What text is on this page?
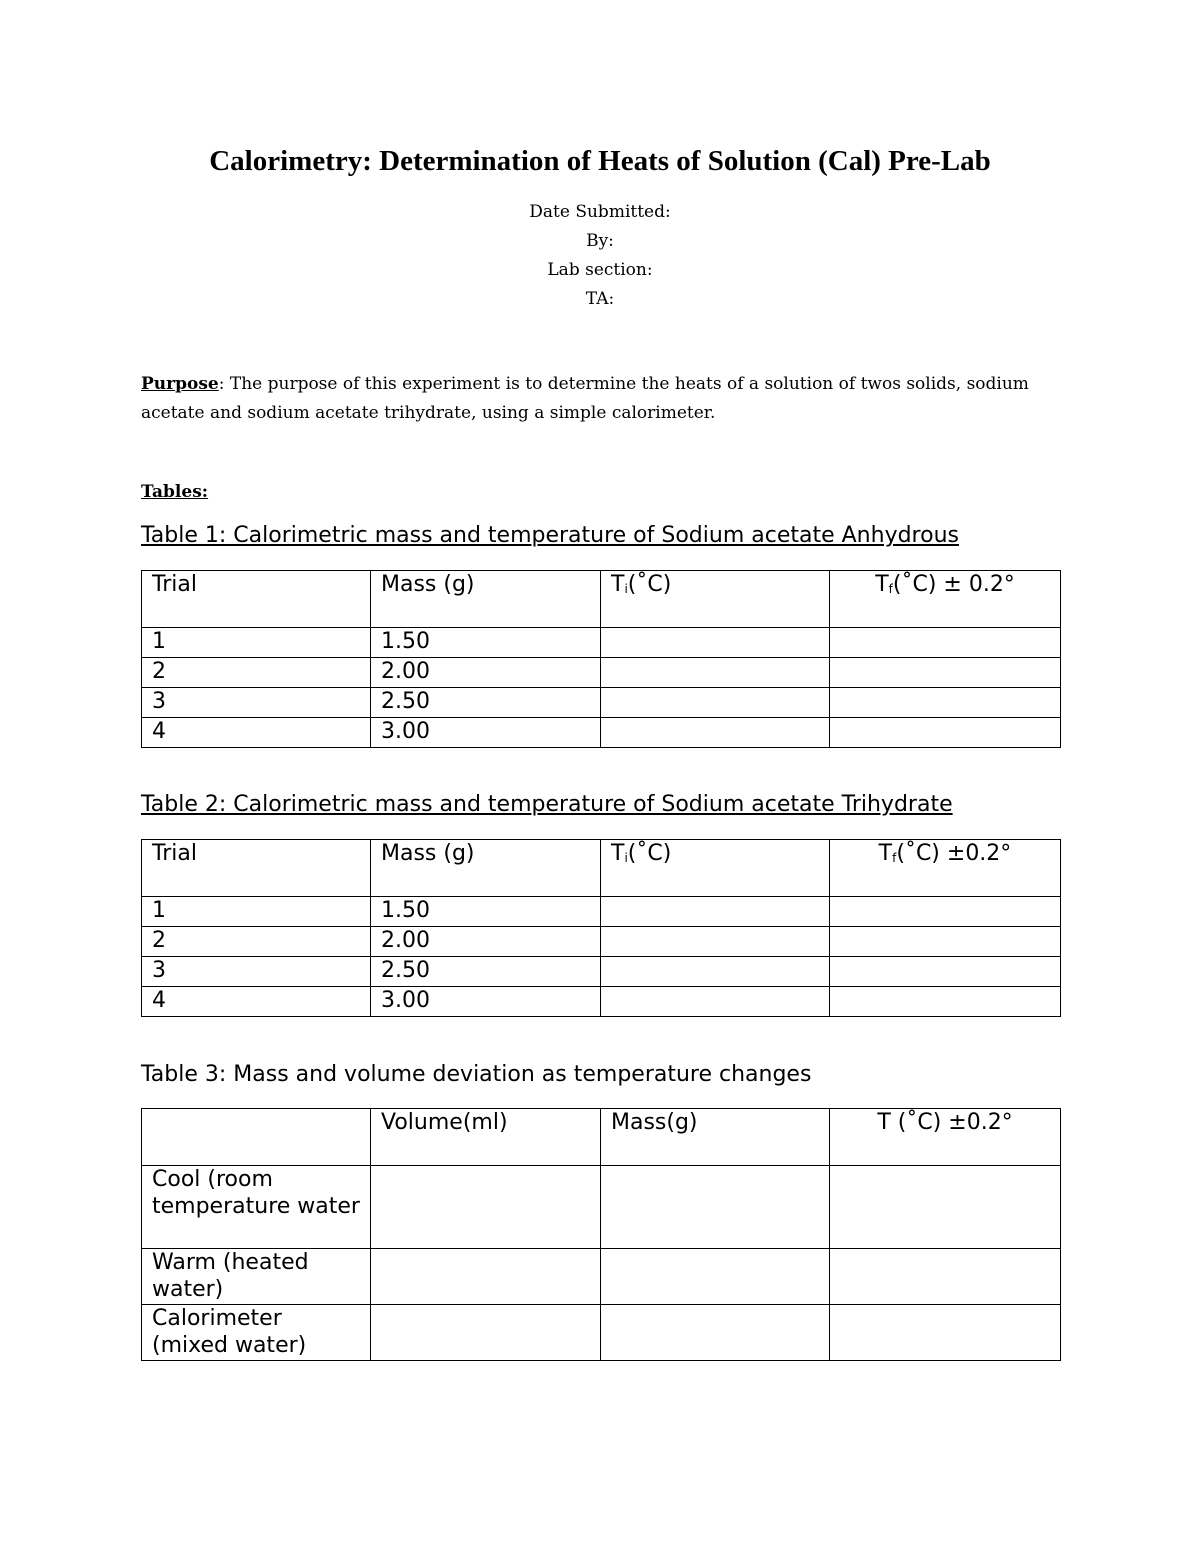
Calorimetry: Determination of Heats of Solution (Cal) Pre-Lab
Date Submitted:
By:
Lab section:
TA:

Purpose: The purpose of this experiment is to determine the heats of a solution of twos solids, sodium acetate and sodium acetate trihydrate, using a simple calorimeter.

Tables:

Table 1: Calorimetric mass and temperature of Sodium acetate Anhydrous

Trial	Mass (g)	$T_i(˚C)$	$T_f(˚C) \pm 0.2^\circ$
1	1.50		
2	2.00		
3	2.50		
4	3.00		

Table 2: Calorimetric mass and temperature of Sodium acetate Trihydrate

Trial	Mass (g)	$T_i(˚C)$	$T_f(˚C) \pm 0.2^\circ$
1	1.50		
2	2.00		
3	2.50		
4	3.00		

Table 3: Mass and volume deviation as temperature changes

	Volume(ml)	Mass(g)	T (˚C) ±0.2°
Cool (room temperature water			
Warm (heated water)			
Calorimeter (mixed water)			
